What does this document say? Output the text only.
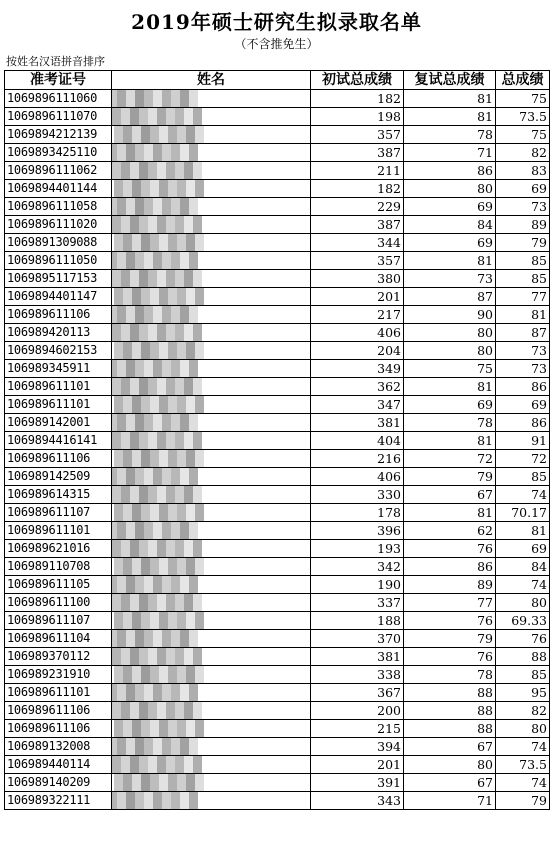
2019年硕士研究生拟录取名单
（不含推免生）
按姓名汉语拼音排序
准考证号	姓名	初试总成绩	复试总成绩	总成绩
1069896111060		182	81	75
1069896111070		198	81	73.5
1069894212139		357	78	75
1069893425110		387	71	82
1069896111062		211	86	83
1069894401144		182	80	69
1069896111058		229	69	73
1069896111020		387	84	89
1069891309088		344	69	79
1069896111050		357	81	85
1069895117153		380	73	85
1069894401147		201	87	77
106989611106		217	90	81
106989420113		406	80	87
1069894602153		204	80	73
106989345911		349	75	73
106989611101		362	81	86
106989611101		347	69	69
106989142001		381	78	86
1069894416141		404	81	91
106989611106		216	72	72
106989142509		406	79	85
106989614315		330	67	74
106989611107		178	81	70.17
106989611101		396	62	81
106989621016		193	76	69
106989110708		342	86	84
106989611105		190	89	74
106989611100		337	77	80
106989611107		188	76	69.33
106989611104		370	79	76
106989370112		381	76	88
106989231910		338	78	85
106989611101		367	88	95
106989611106		200	88	82
106989611106		215	88	80
106989132008		394	67	74
106989440114		201	80	73.5
106989140209		391	67	74
106989322111		343	71	79
